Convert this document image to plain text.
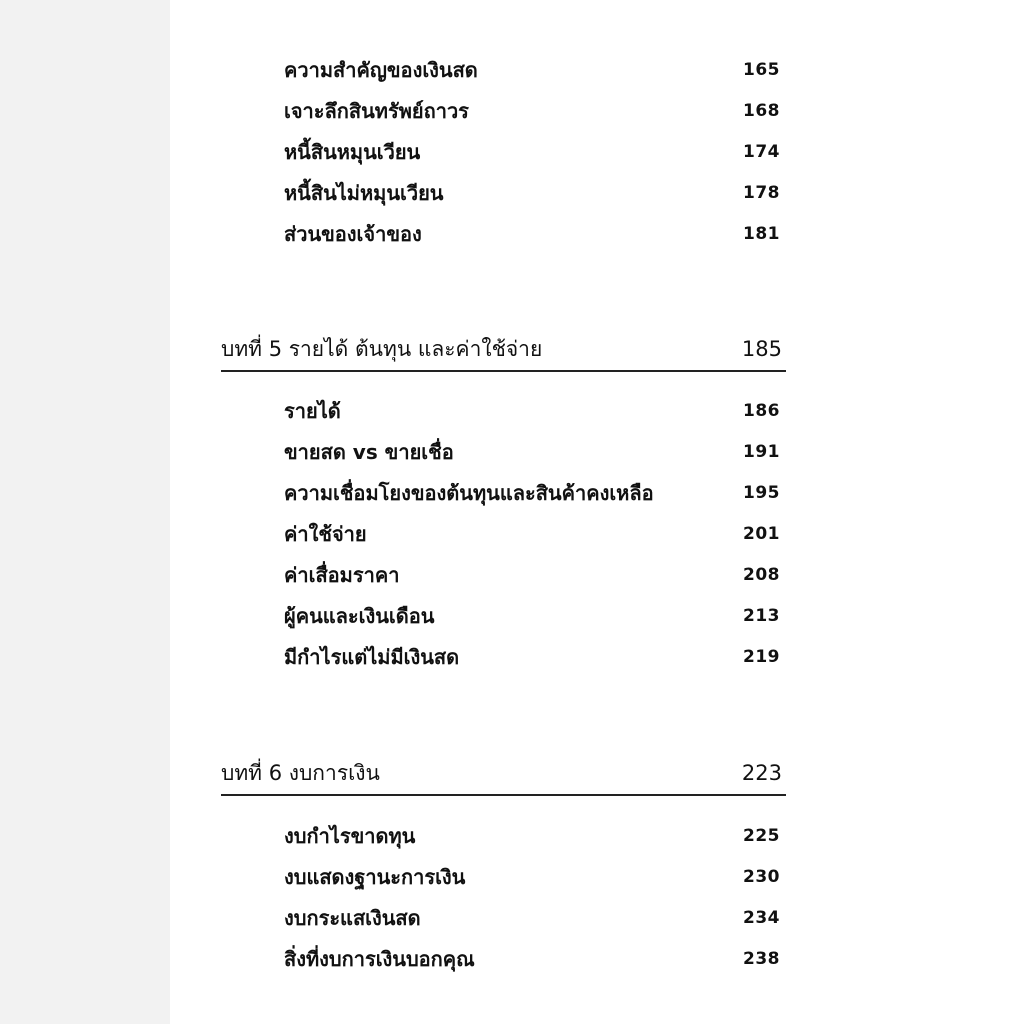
ความสำคัญของเงินสด	165
เจาะลึกสินทรัพย์ถาวร	168
หนี้สินหมุนเวียน	174
หนี้สินไม่หมุนเวียน	178
ส่วนของเจ้าของ	181
บทที่ 5 รายได้ ต้นทุน และค่าใช้จ่าย	185
รายได้	186
ขายสด vs ขายเชื่อ	191
ความเชื่อมโยงของต้นทุนและสินค้าคงเหลือ	195
ค่าใช้จ่าย	201
ค่าเสื่อมราคา	208
ผู้คนและเงินเดือน	213
มีกำไรแต่ไม่มีเงินสด	219
บทที่ 6 งบการเงิน	223
งบกำไรขาดทุน	225
งบแสดงฐานะการเงิน	230
งบกระแสเงินสด	234
สิ่งที่งบการเงินบอกคุณ	238
